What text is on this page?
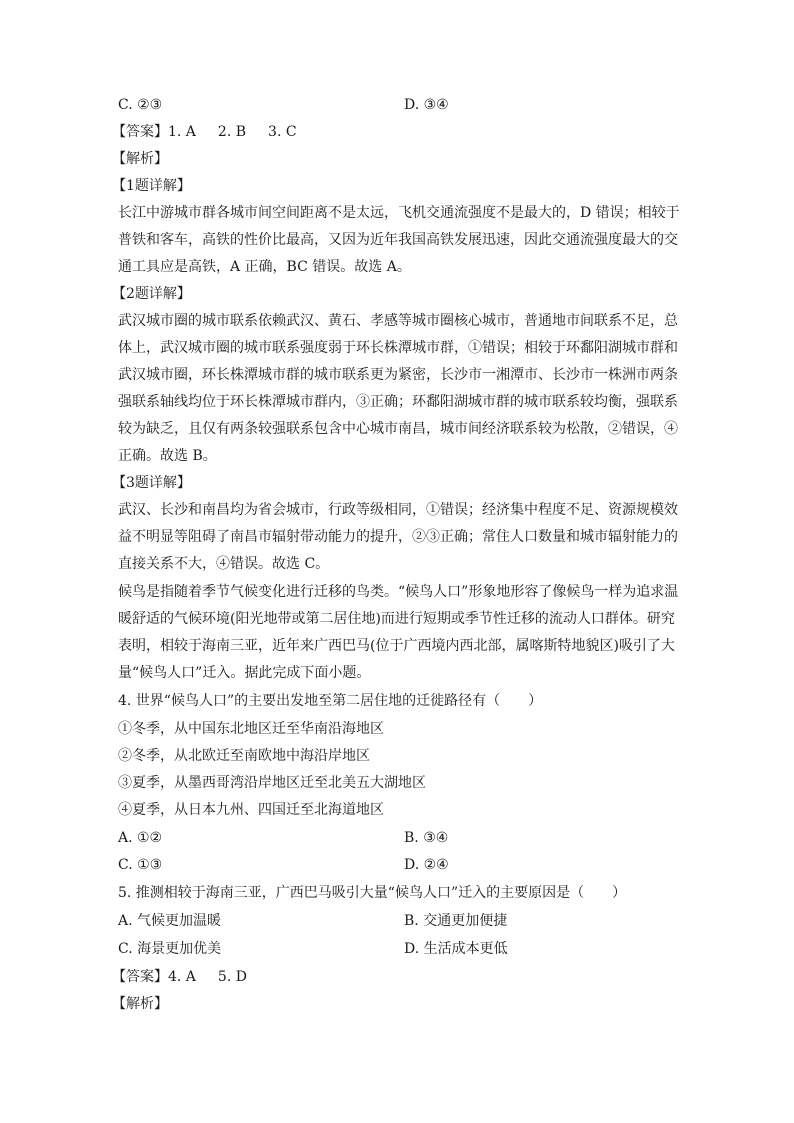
C. ②③	D. ③④
【答案】1. A 2. B 3. C
【解析】
【1题详解】
长江中游城市群各城市间空间距离不是太远，飞机交通流强度不是最大的，D 错误；相较于
普铁和客车，高铁的性价比最高，又因为近年我国高铁发展迅速，因此交通流强度最大的交
通工具应是高铁，A 正确，BC 错误。故选 A。
【2题详解】
武汉城市圈的城市联系依赖武汉、黄石、孝感等城市圈核心城市，普通地市间联系不足，总
体上，武汉城市圈的城市联系强度弱于环长株潭城市群，①错误；相较于环鄱阳湖城市群和
武汉城市圈，环长株潭城市群的城市联系更为紧密，长沙市一湘潭市、长沙市一株洲市两条
强联系轴线均位于环长株潭城市群内，③正确；环鄱阳湖城市群的城市联系较均衡，强联系
较为缺乏，且仅有两条较强联系包含中心城市南昌，城市间经济联系较为松散，②错误，④
正确。故选 B。
【3题详解】
武汉、长沙和南昌均为省会城市，行政等级相同，①错误；经济集中程度不足、资源规模效
益不明显等阻碍了南昌市辐射带动能力的提升，②③正确；常住人口数量和城市辐射能力的
直接关系不大，④错误。故选 C。
候鸟是指随着季节气候变化进行迁移的鸟类。“候鸟人口”形象地形容了像候鸟一样为追求温
暖舒适的气候环境(阳光地带或第二居住地)而进行短期或季节性迁移的流动人口群体。研究
表明，相较于海南三亚，近年来广西巴马(位于广西境内西北部，属喀斯特地貌区)吸引了大
量“候鸟人口”迁入。据此完成下面小题。
4. 世界“候鸟人口”的主要出发地至第二居住地的迁徙路径有（　　）
①冬季，从中国东北地区迁至华南沿海地区
②冬季，从北欧迁至南欧地中海沿岸地区
③夏季，从墨西哥湾沿岸地区迁至北美五大湖地区
④夏季，从日本九州、四国迁至北海道地区
A. ①②	B. ③④
C. ①③	D. ②④
5. 推测相较于海南三亚，广西巴马吸引大量“候鸟人口”迁入的主要原因是（　　）
A. 气候更加温暖	B. 交通更加便捷
C. 海景更加优美	D. 生活成本更低
【答案】4. A 5. D
【解析】
